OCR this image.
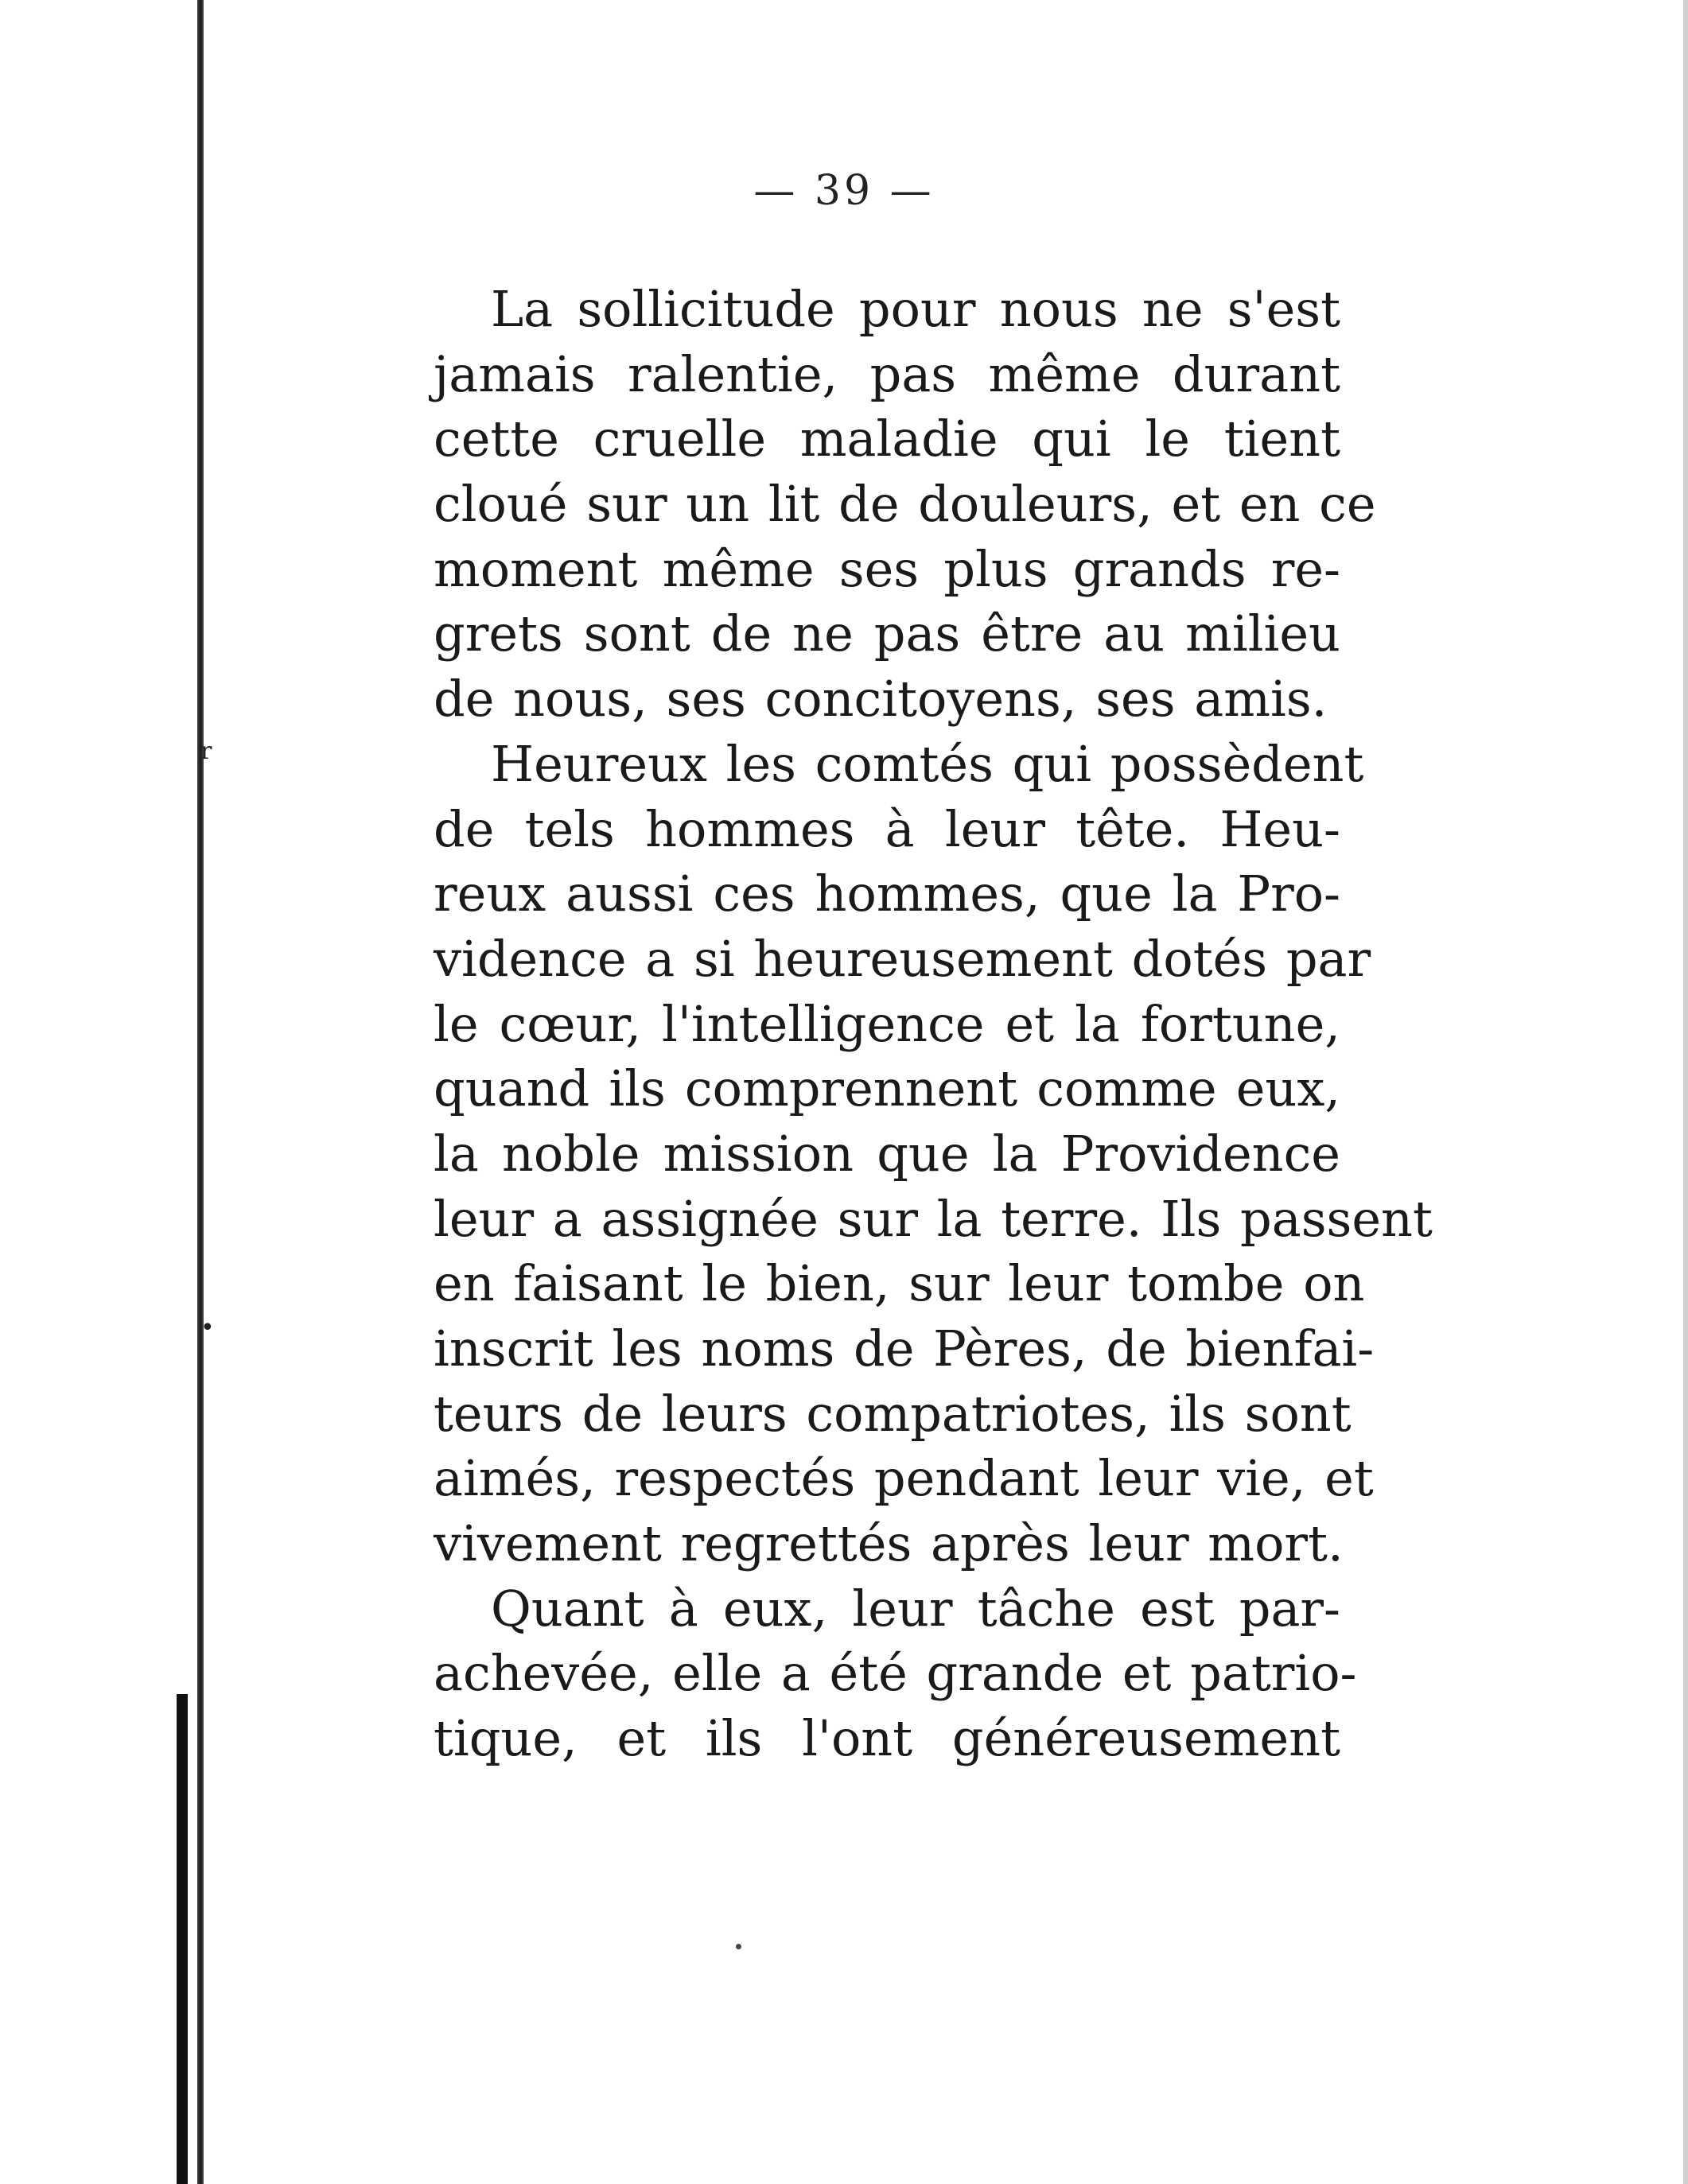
r
•
— 39 —
La sollicitude pour nous ne s'est
jamais ralentie, pas même durant
cette cruelle maladie qui le tient
cloué sur un lit de douleurs, et en ce
moment même ses plus grands re-
grets sont de ne pas être au milieu
de nous, ses concitoyens, ses amis.
Heureux les comtés qui possèdent
de tels hommes à leur tête. Heu-
reux aussi ces hommes, que la Pro-
vidence a si heureusement dotés par
le cœur, l'intelligence et la fortune,
quand ils comprennent comme eux,
la noble mission que la Providence
leur a assignée sur la terre. Ils passent
en faisant le bien, sur leur tombe on
inscrit les noms de Pères, de bienfai-
teurs de leurs compatriotes, ils sont
aimés, respectés pendant leur vie, et
vivement regrettés après leur mort.
Quant à eux, leur tâche est par-
achevée, elle a été grande et patrio-
tique, et ils l'ont généreusement
